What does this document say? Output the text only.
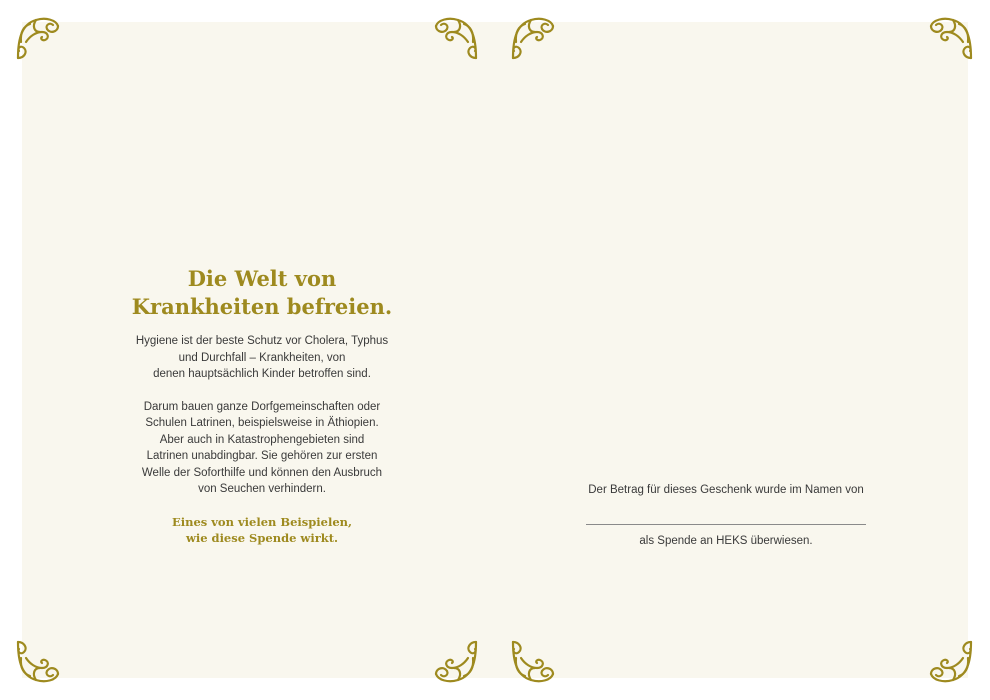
Die Welt von
Krankheiten befreien.
Hygiene ist der beste Schutz vor Cholera, Typhus
und Durchfall – Krankheiten, von
denen hauptsächlich Kinder betroffen sind.
Darum bauen ganze Dorfgemeinschaften oder
Schulen Latrinen, beispielsweise in Äthiopien.
Aber auch in Katastrophengebieten sind
Latrinen unabdingbar. Sie gehören zur ersten
Welle der Soforthilfe und können den Ausbruch
von Seuchen verhindern.
Eines von vielen Beispielen,
wie diese Spende wirkt.
Der Betrag für dieses Geschenk wurde im Namen von
als Spende an HEKS überwiesen.
